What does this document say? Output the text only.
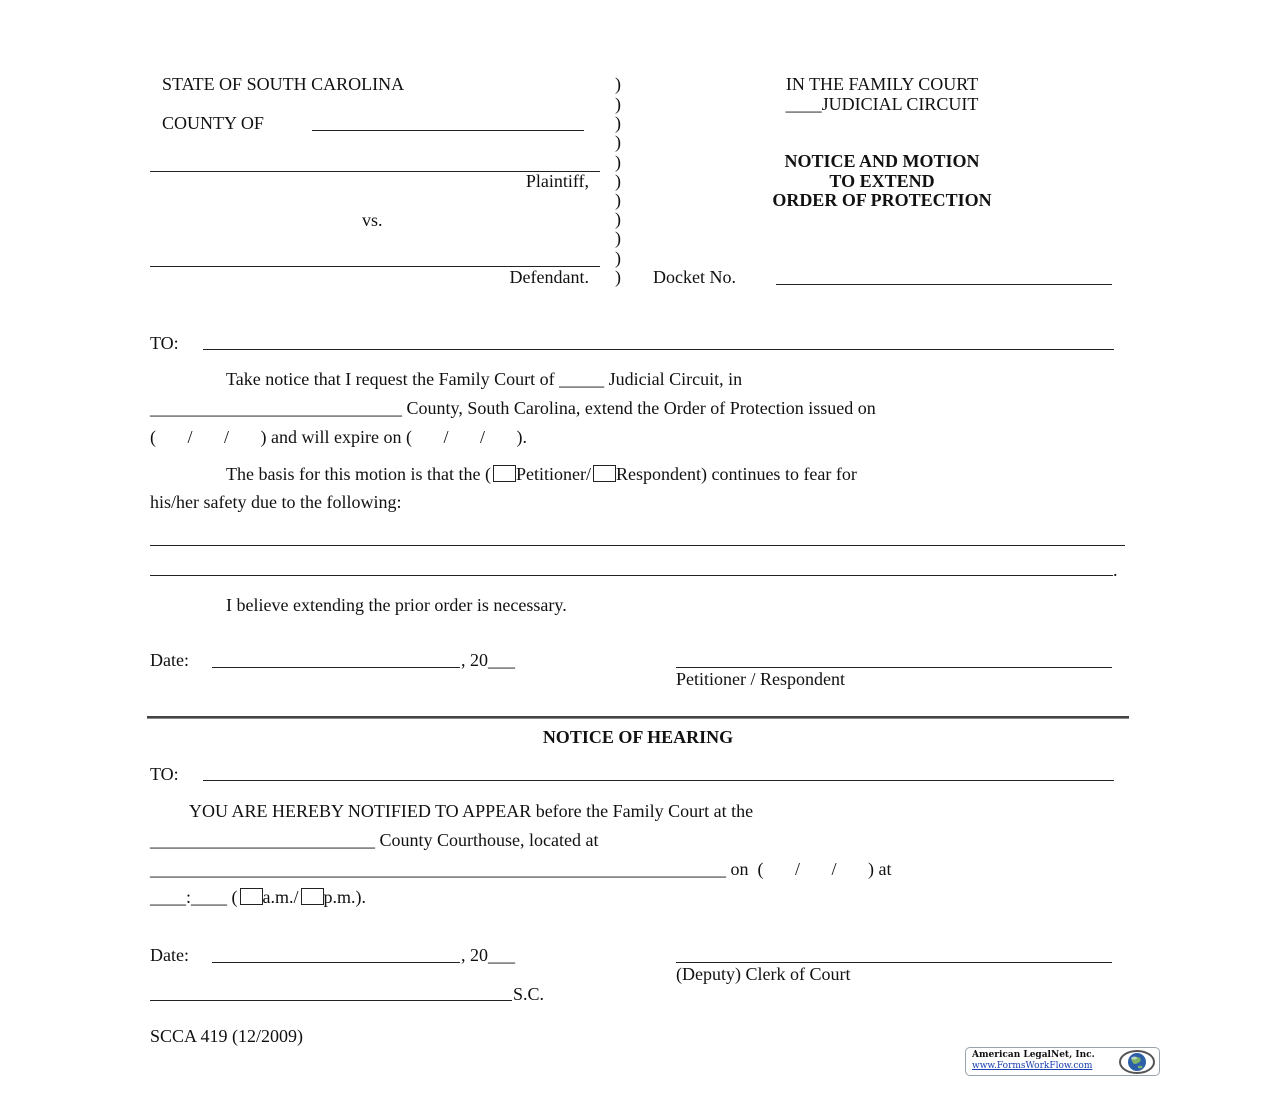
STATE OF SOUTH CAROLINA
COUNTY OF
Plaintiff,
vs.
Defendant.
)
)
)
)
)
)
)
)
)
)
)
IN THE FAMILY COURT
____JUDICIAL CIRCUIT
NOTICE AND MOTION
TO EXTEND
ORDER OF PROTECTION
Docket No.
TO:
Take notice that I request the Family Court of _____ Judicial Circuit, in
____________________________ County, South Carolina, extend the Order of Protection issued on
(       /       /       ) and will expire on (       /       /       ).
The basis for this motion is that the ( Petitioner/ Respondent) continues to fear for
his/her safety due to the following:
.
I believe extending the prior order is necessary.
Date:	, 20___
Petitioner / Respondent
NOTICE OF HEARING
TO:
YOU ARE HEREBY NOTIFIED TO APPEAR before the Family Court at the
_________________________ County Courthouse, located at
________________________________________________________________ on  (       /       /       ) at
____:____ ( a.m./ p.m.).
Date:	, 20___
(Deputy) Clerk of Court
S.C.
SCCA 419 (12/2009)
American LegalNet, Inc.
www.FormsWorkFlow.com
